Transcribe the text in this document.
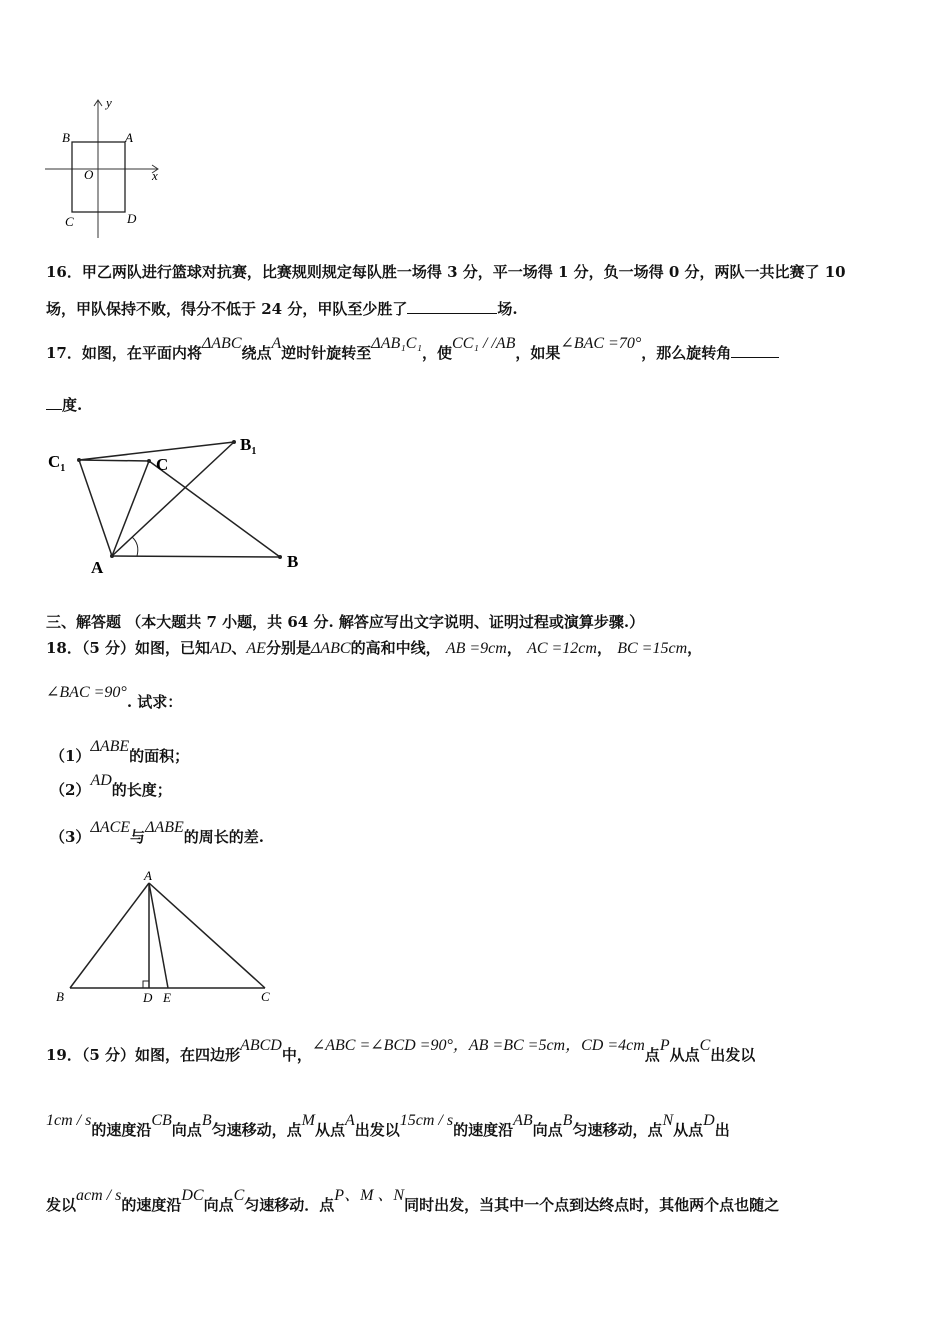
y
x
O
A
B
C	D
16．甲乙两队进行篮球对抗赛，比赛规则规定每队胜一场得 3 分，平一场得 1 分，负一场得 0 分，两队一共比赛了 10
场，甲队保持不败，得分不低于 24 分，甲队至少胜了	场.
17．如图，在平面内将ΔABC绕点A逆时针旋转至ΔAB₁C₁，使CC₁ / /AB，如果∠BAC =70°，那么旋转角
度.
$C_1$	C
$B_1$
A	B
三、解答题 （本大题共 7 小题，共 64 分. 解答应写出文字说明、证明过程或演算步骤.）
18．（5 分）如图，已知AD、AE分别是ΔABC的高和中线， AB =9cm， AC =12cm， BC =15cm，
∠BAC =90°. 试求：
（1）ΔABE的面积；
（2）AD的长度；
（3）ΔACE与ΔABE的周长的差.
A
B	D E	C
19．（5 分）如图，在四边形ABCD中，∠ABC =∠BCD =90°，AB =BC =5cm，CD =4cm点P从点C出发以
1cm / s的速度沿CB向点B匀速移动，点M从点A出发以15cm / s的速度沿AB向点B匀速移动，点N从点D出
发以acm / s的速度沿DC向点C匀速移动．点P、M 、N同时出发，当其中一个点到达终点时，其他两个点也随之
